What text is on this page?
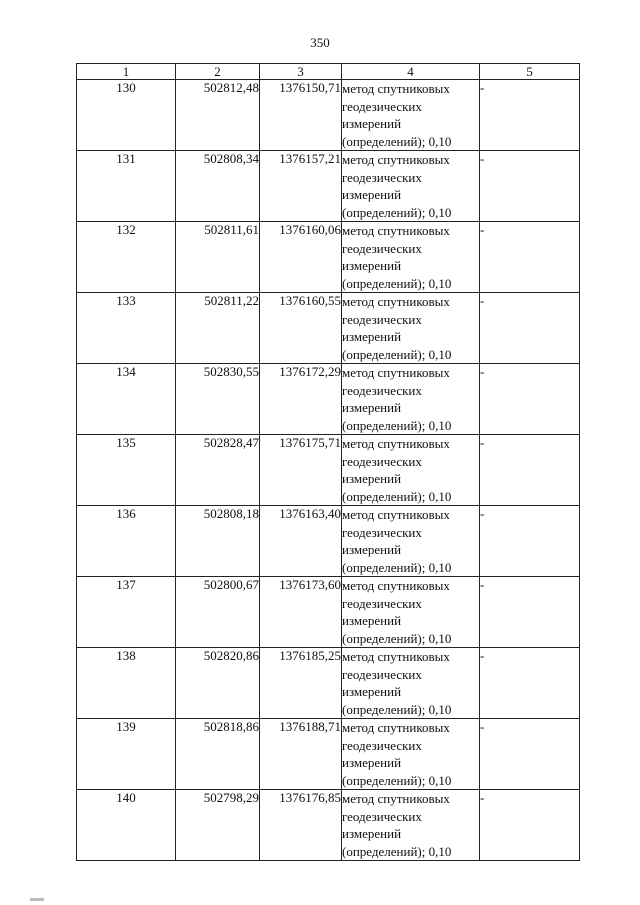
350
1	2	3	4	5
130	502812,48	1376150,71	метод спутниковых геодезических измерений (определений); 0,10	-
131	502808,34	1376157,21	метод спутниковых геодезических измерений (определений); 0,10	-
132	502811,61	1376160,06	метод спутниковых геодезических измерений (определений); 0,10	-
133	502811,22	1376160,55	метод спутниковых геодезических измерений (определений); 0,10	-
134	502830,55	1376172,29	метод спутниковых геодезических измерений (определений); 0,10	-
135	502828,47	1376175,71	метод спутниковых геодезических измерений (определений); 0,10	-
136	502808,18	1376163,40	метод спутниковых геодезических измерений (определений); 0,10	-
137	502800,67	1376173,60	метод спутниковых геодезических измерений (определений); 0,10	-
138	502820,86	1376185,25	метод спутниковых геодезических измерений (определений); 0,10	-
139	502818,86	1376188,71	метод спутниковых геодезических измерений (определений); 0,10	-
140	502798,29	1376176,85	метод спутниковых геодезических измерений (определений); 0,10	-
